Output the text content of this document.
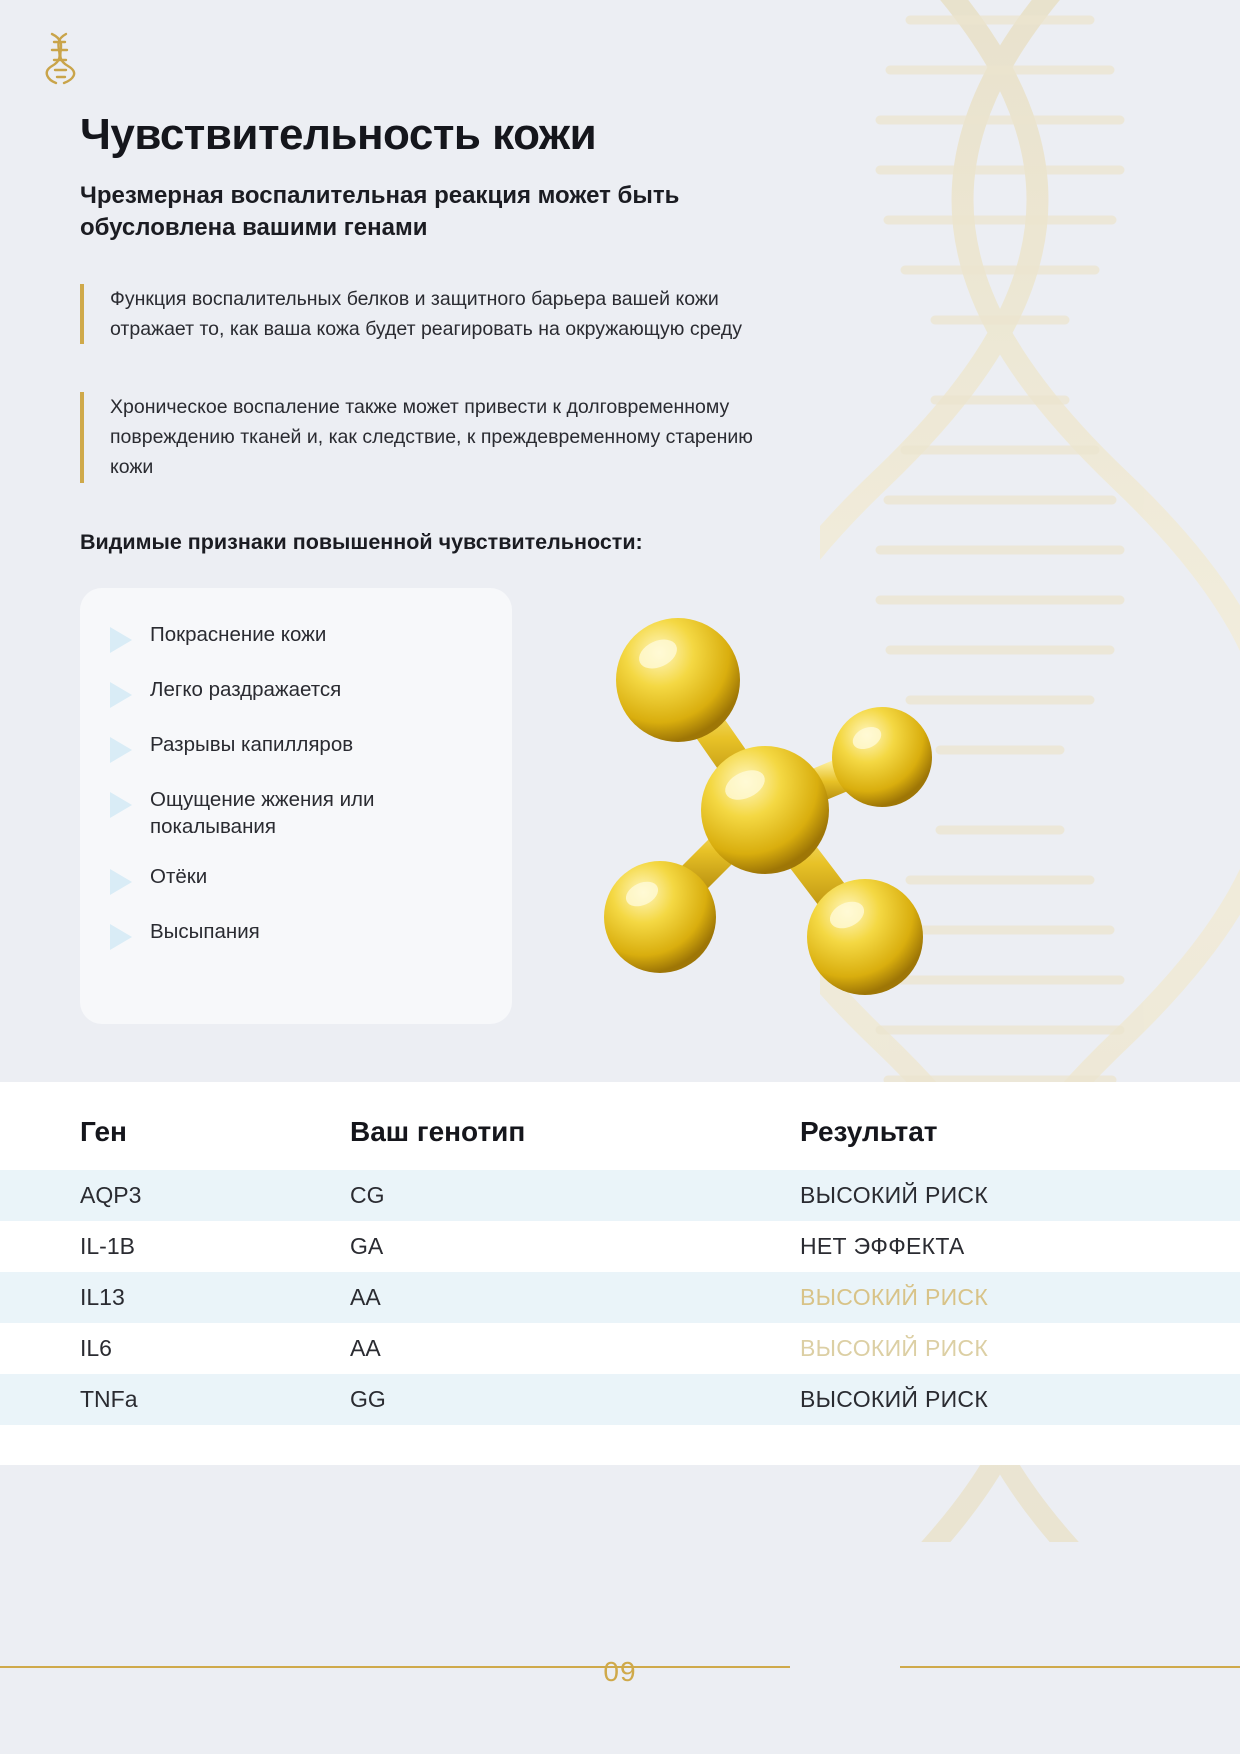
Чувствительность кожи
Чрезмерная воспалительная реакция может быть обусловлена вашими генами

Функция воспалительных белков и защитного барьера вашей кожи отражает то, как ваша кожа будет реагировать на окружающую среду

Хроническое воспаление также может привести к долговременному повреждению тканей и, как следствие, к преждевременному старению кожи

Видимые признаки повышенной чувствительности:
Покраснение кожи
Легко раздражается
Разрывы капилляров
Ощущение жжения или покалывания
Отёки
Высыпания
Ген	Ваш генотип	Результат
AQP3	CG	ВЫСОКИЙ РИСК
IL-1B	GA	НЕТ ЭФФЕКТА
IL13	AA	ВЫСОКИЙ РИСК
IL6	AA	ВЫСОКИЙ РИСК
TNFa	GG	ВЫСОКИЙ РИСК
09
